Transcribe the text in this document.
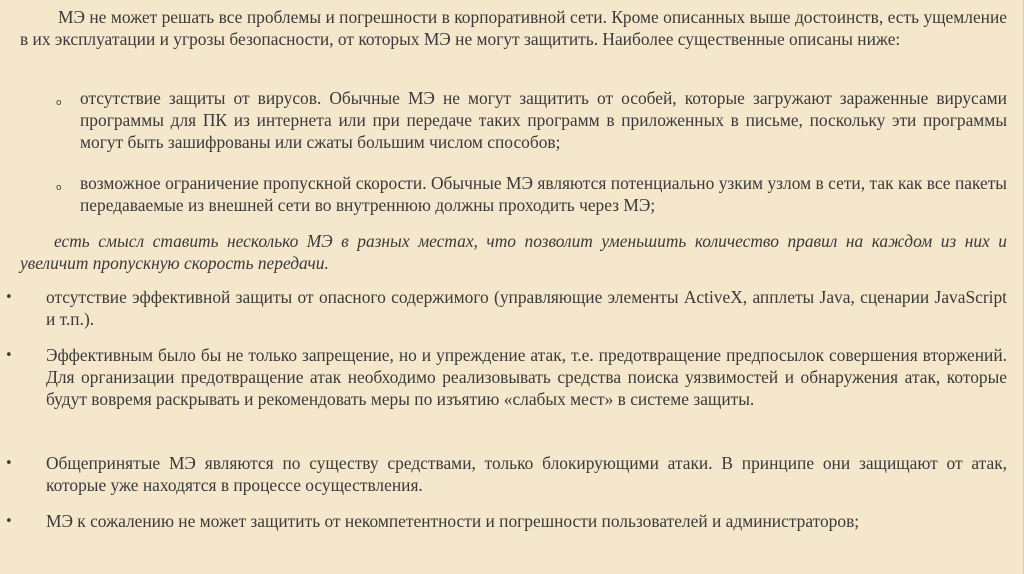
МЭ не может решать все проблемы и погрешности в корпоративной сети. Кроме описанных выше достоинств, есть ущемление в их эксплуатации и угрозы безопасности, от которых МЭ не могут защитить. Наиболее существенные описаны ниже:
o отсутствие защиты от вирусов. Обычные МЭ не могут защитить от особей, которые загружают зараженные вирусами программы для ПК из интернета или при передаче таких программ в приложенных в письме, поскольку эти программы могут быть зашифрованы или сжаты большим числом способов;
o возможное ограничение пропускной скорости. Обычные МЭ являются потенциально узким узлом в сети, так как все пакеты передаваемые из внешней сети во внутреннюю должны проходить через МЭ;
есть смысл ставить несколько МЭ в разных местах, что позволит уменьшить количество правил на каждом из них и увеличит пропускную скорость передачи.
• отсутствие эффективной защиты от опасного содержимого (управляющие элементы ActiveX, апплеты Java, сценарии JavaScript и т.п.).
• Эффективным было бы не только запрещение, но и упреждение атак, т.е. предотвращение предпосылок совершения вторжений. Для организации предотвращение атак необходимо реализовывать средства поиска уязвимостей и обнаружения атак, которые будут вовремя раскрывать и рекомендовать меры по изъятию «слабых мест» в системе защиты.
• Общепринятые МЭ являются по существу средствами, только блокирующими атаки. В принципе они защищают от атак, которые уже находятся в процессе осуществления.
• МЭ к сожалению не может защитить от некомпетентности и погрешности пользователей и администраторов;
